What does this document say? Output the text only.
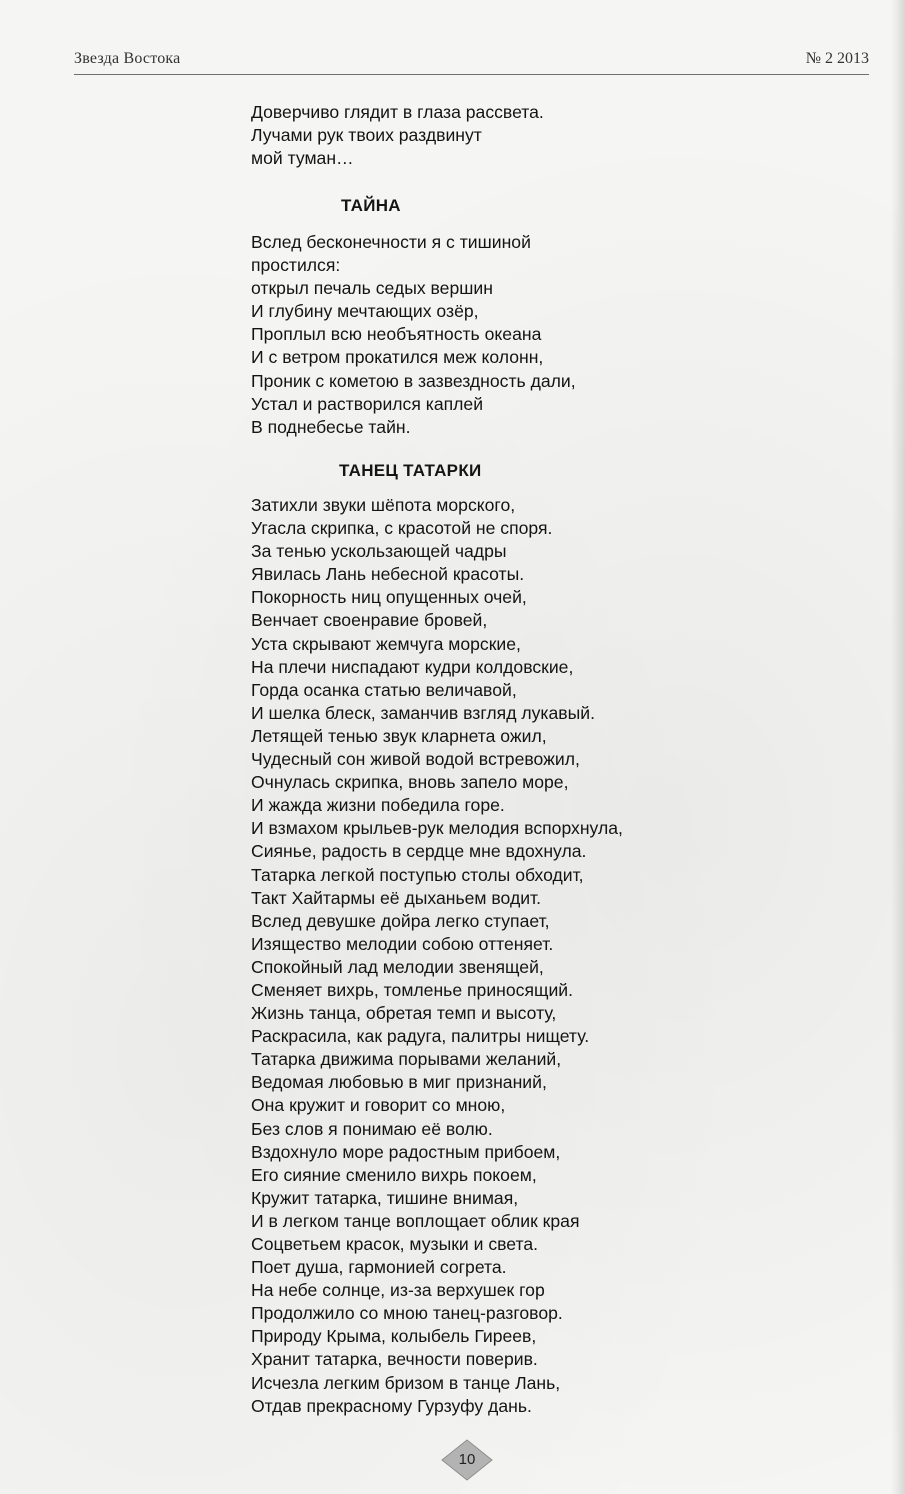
Звезда Востока	№ 2 2013
Доверчиво глядит в глаза рассвета.
Лучами рук твоих раздвинут
мой туман…
ТАЙНА
Вслед бесконечности я с тишиной
простился:
открыл печаль седых вершин
И глубину мечтающих озёр,
Проплыл всю необъятность океана
И с ветром прокатился меж колонн,
Проник с кометою в зазвездность дали,
Устал и растворился каплей
В поднебесье тайн.
ТАНЕЦ ТАТАРКИ
Затихли звуки шёпота морского,
Угасла скрипка, с красотой не споря.
За тенью ускользающей чадры
Явилась Лань небесной красоты.
Покорность ниц опущенных очей,
Венчает своенравие бровей,
Уста скрывают жемчуга морские,
На плечи ниспадают кудри колдовские,
Горда осанка статью величавой,
И шелка блеск, заманчив взгляд лукавый.
Летящей тенью звук кларнета ожил,
Чудесный сон живой водой встревожил,
Очнулась скрипка, вновь запело море,
И жажда жизни победила горе.
И взмахом крыльев-рук мелодия вспорхнула,
Сиянье, радость в сердце мне вдохнула.
Татарка легкой поступью столы обходит,
Такт Хайтармы её дыханьем водит.
Вслед девушке дойра легко ступает,
Изящество мелодии собою оттеняет.
Спокойный лад мелодии звенящей,
Сменяет вихрь, томленье приносящий.
Жизнь танца, обретая темп и высоту,
Раскрасила, как радуга, палитры нищету.
Татарка движима порывами желаний,
Ведомая любовью в миг признаний,
Она кружит и говорит со мною,
Без слов я понимаю её волю.
Вздохнуло море радостным прибоем,
Его сияние сменило вихрь покоем,
Кружит татарка, тишине внимая,
И в легком танце воплощает облик края
Соцветьем красок, музыки и света.
Поет душа, гармонией согрета.
На небе солнце, из-за верхушек гор
Продолжило со мною танец-разговор.
Природу Крыма, колыбель Гиреев,
Хранит татарка, вечности поверив.
Исчезла легким бризом в танце Лань,
Отдав прекрасному Гурзуфу дань.
10
